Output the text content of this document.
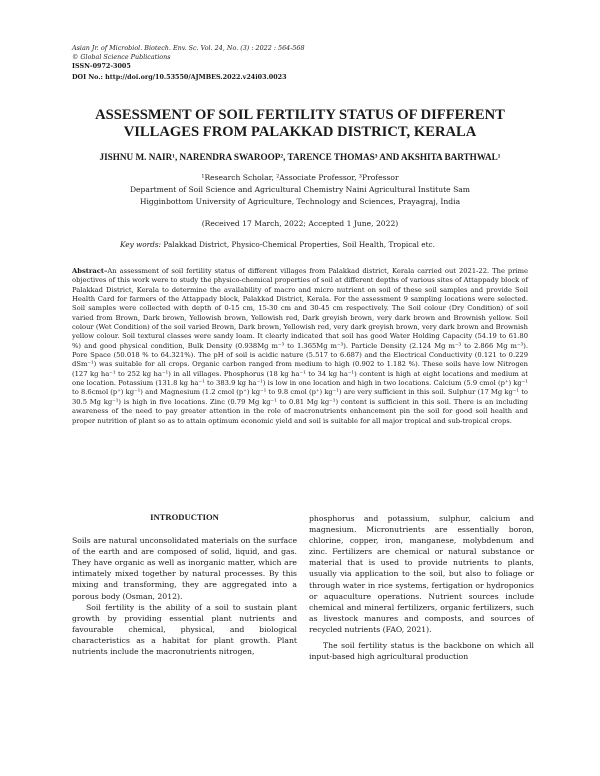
Asian Jr. of Microbiol. Biotech. Env. Sc. Vol. 24, No. (3) : 2022 : 564-568
© Global Science Publications
ISSN-0972-3005
DOI No.: http://doi.org/10.53550/AJMBES.2022.v24i03.0023
ASSESSMENT OF SOIL FERTILITY STATUS OF DIFFERENT
VILLAGES FROM PALAKKAD DISTRICT, KERALA
JISHNU M. NAIR¹, NARENDRA SWAROOP², TARENCE THOMAS³ AND AKSHITA BARTHWAL¹
¹Research Scholar, ²Associate Professor, ³Professor
Department of Soil Science and Agricultural Chemistry Naini Agricultural Institute Sam
Higginbottom University of Agriculture, Technology and Sciences, Prayagraj, India
(Received 17 March, 2022; Accepted 1 June, 2022)
Key words: Palakkad District, Physico-Chemical Properties, Soil Health, Tropical etc.
Abstract–An assessment of soil fertility status of different villages from Palakkad district, Kerala carried out 2021-22. The prime objectives of this work were to study the physico-chemical properties of soil at different depths of various sites of Attappady block of Palakkad District, Kerala to determine the availability of macro and micro nutrient on soil of these soil samples and provide Soil Health Card for farmers of the Attappady block, Palakkad District, Kerala. For the assessment 9 sampling locations were selected. Soil samples were collected with depth of 0-15 cm, 15-30 cm and 30-45 cm respectively. The Soil colour (Dry Condition) of soil varied from Brown, Dark brown, Yellowish brown, Yellowish red, Dark greyish brown, very dark brown and Brownish yellow. Soil colour (Wet Condition) of the soil varied Brown, Dark brown, Yellowish red, very dark greyish brown, very dark brown and Brownish yellow colour. Soil textural classes were sandy loam. It clearly indicated that soil has good Water Holding Capacity (54.19 to 61.80 %) and good physical condition, Bulk Density (0.938Mg m⁻³ to 1.365Mg m⁻³). Particle Density (2.124 Mg m⁻³ to 2.866 Mg m⁻³). Pore Space (50.018 % to 64.321%). The pH of soil is acidic nature (5.517 to 6.687) and the Electrical Conductivity (0.121 to 0.229 dSm⁻¹) was suitable for all crops. Organic carbon ranged from medium to high (0.902 to 1.182 %). These soils have low Nitrogen (127 kg ha⁻¹ to 252 kg ha⁻¹) in all villages. Phosphorus (18 kg ha⁻¹ to 34 kg ha⁻¹) content is high at eight locations and medium at one location. Potassium (131.8 kg ha⁻¹ to 383.9 kg ha⁻¹) is low in one location and high in two locations. Calcium (5.9 cmol (p⁺) kg⁻¹ to 8.6cmol (p⁺) kg⁻¹) and Magnesium (1.2 cmol (p⁺) kg⁻¹ to 9.8 cmol (p⁺) kg⁻¹) are very sufficient in this soil. Sulphur (17 Mg kg⁻¹ to 30.5 Mg kg⁻¹) is high in five locations. Zinc (0.79 Mg kg⁻¹ to 0.81 Mg kg⁻¹) content is sufficient in this soil. There is an including awareness of the need to pay greater attention in the role of macronutrients enhancement pin the soil for good soil health and proper nutrition of plant so as to attain optimum economic yield and soil is suitable for all major tropical and sub-tropical crops.

INTRODUCTION

Soils are natural unconsolidated materials on the surface of the earth and are composed of solid, liquid, and gas. They have organic as well as inorganic matter, which are intimately mixed together by natural processes. By this mixing and transforming, they are aggregated into a porous body (Osman, 2012).

Soil fertility is the ability of a soil to sustain plant growth by providing essential plant nutrients and favourable chemical, physical, and biological characteristics as a habitat for plant growth. Plant nutrients include the macronutrients nitrogen,

phosphorus and potassium, sulphur, calcium and magnesium. Micronutrients are essentially boron, chlorine, copper, iron, manganese, molybdenum and zinc. Fertilizers are chemical or natural substance or material that is used to provide nutrients to plants, usually via application to the soil, but also to foliage or through water in rice systems, fertigation or hydroponics or aquaculture operations. Nutrient sources include chemical and mineral fertilizers, organic fertilizers, such as livestock manures and composts, and sources of recycled nutrients (FAO, 2021).

The soil fertility status is the backbone on which all input-based high agricultural production
